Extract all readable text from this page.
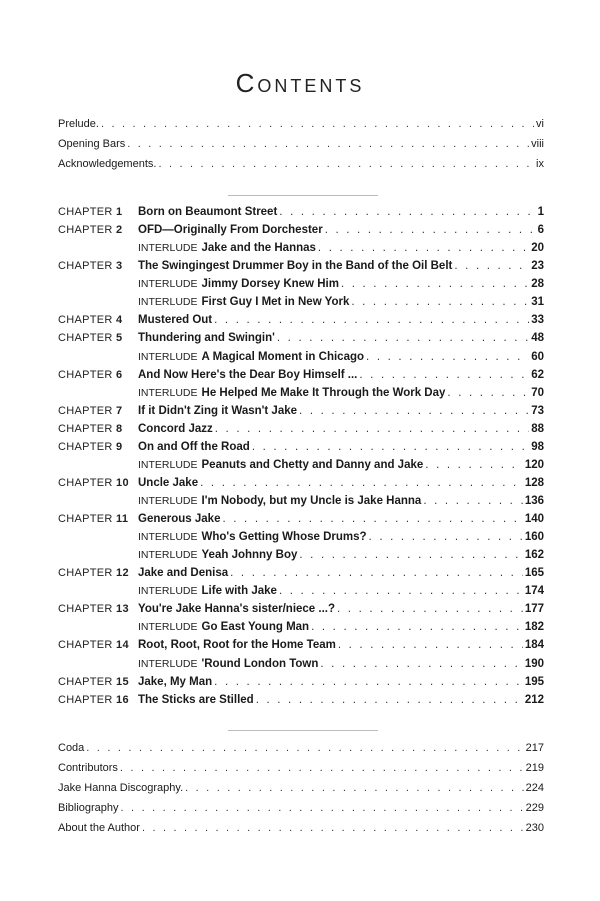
Contents
Prelude. . . .	vi
Opening Bars . . .	viii
Acknowledgements. . . .	ix
CHAPTER 1	Born on Beaumont Street . . .	1
CHAPTER 2	OFD—Originally From Dorchester . . .	6
INTERLUDE Jake and the Hannas . . .	20
CHAPTER 3	The Swingingest Drummer Boy in the Band of the Oil Belt . . .	23
INTERLUDE Jimmy Dorsey Knew Him . . .	28
INTERLUDE First Guy I Met in New York . . .	31
CHAPTER 4	Mustered Out . . .	33
CHAPTER 5	Thundering and Swingin' . . .	48
INTERLUDE A Magical Moment in Chicago . . .	60
CHAPTER 6	And Now Here's the Dear Boy Himself ... . . .	62
INTERLUDE He Helped Me Make It Through the Work Day . . .	70
CHAPTER 7	If it Didn't Zing it Wasn't Jake . . .	73
CHAPTER 8	Concord Jazz . . .	88
CHAPTER 9	On and Off the Road . . .	98
INTERLUDE Peanuts and Chetty and Danny and Jake . . .	120
CHAPTER 10 Uncle Jake . . .	128
INTERLUDE I'm Nobody, but my Uncle is Jake Hanna . . .	136
CHAPTER 11 Generous Jake . . .	140
INTERLUDE Who's Getting Whose Drums? . . .	160
INTERLUDE Yeah Johnny Boy . . .	162
CHAPTER 12 Jake and Denisa . . .	165
INTERLUDE Life with Jake . . .	174
CHAPTER 13 You're Jake Hanna's sister/niece ...? . . .	177
INTERLUDE Go East Young Man . . .	182
CHAPTER 14 Root, Root, Root for the Home Team . . .	184
INTERLUDE 'Round London Town . . .	190
CHAPTER 15 Jake, My Man . . .	195
CHAPTER 16 The Sticks are Stilled . . .	212
Coda . . .	217
Contributors . . .	219
Jake Hanna Discography. . . .	224
Bibliography . . .	229
About the Author . . .	230
